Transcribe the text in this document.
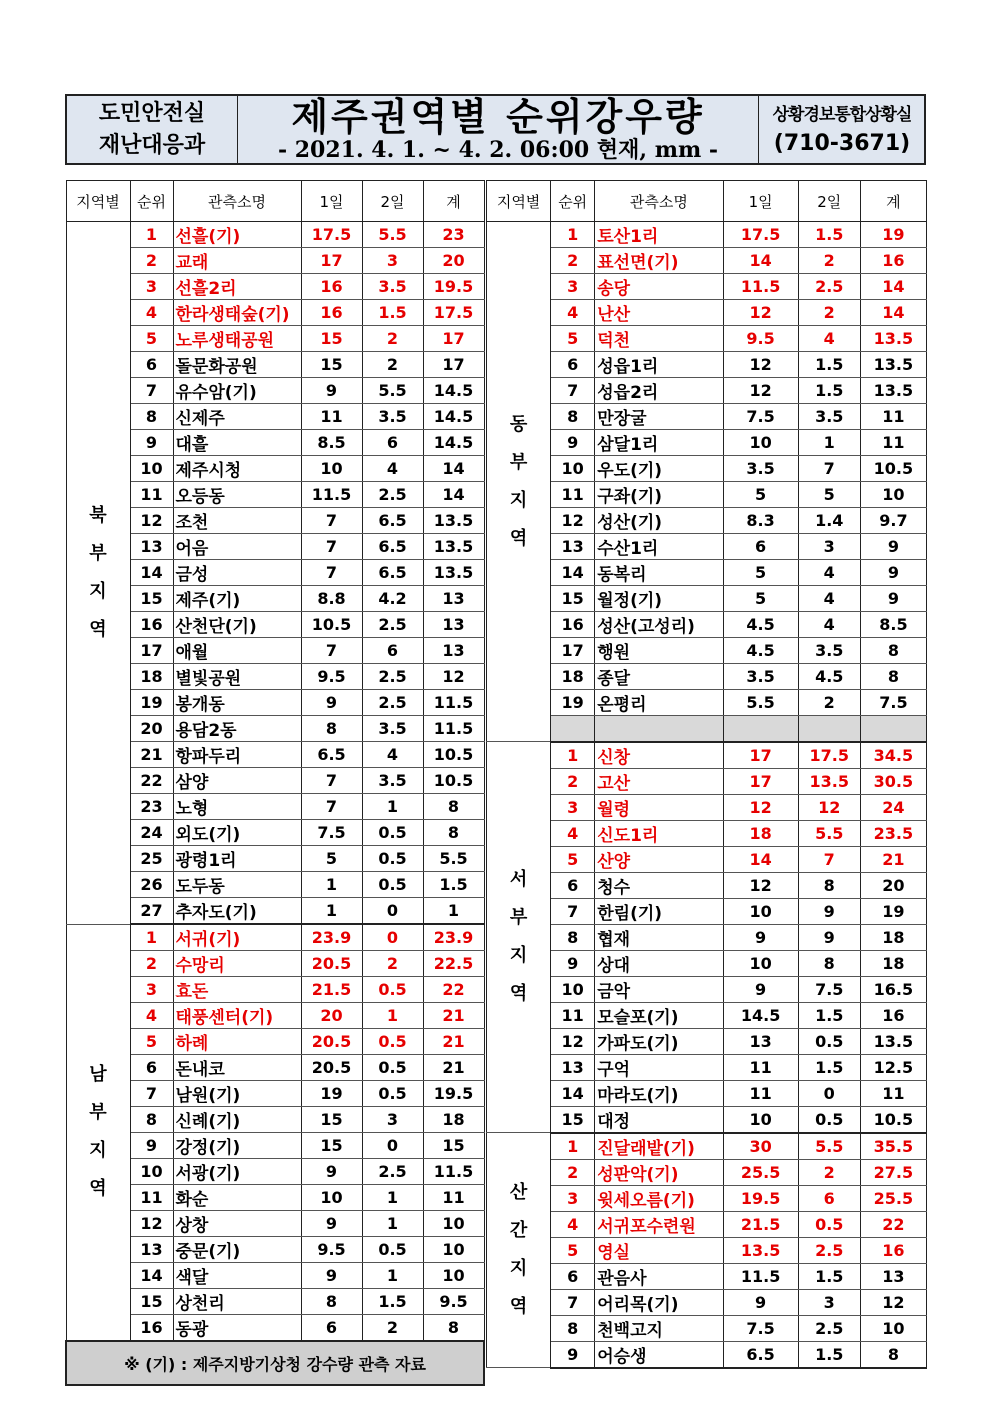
도민안전실
재난대응과
제주권역별 순위강우량
- 2021. 4. 1. ~ 4. 2. 06:00 현재, mm -
상황경보통합상황실
(710-3671)
지역별	순위	관측소명	1일	2일	계

북부지역	1	선흘(기)	17.5	5.5	23
	2	교래	17	3	20
	3	선흘2리	16	3.5	19.5
	4	한라생태숲(기)	16	1.5	17.5
	5	노루생태공원	15	2	17
	6	돌문화공원	15	2	17
	7	유수암(기)	9	5.5	14.5
	8	신제주	11	3.5	14.5
	9	대흘	8.5	6	14.5
	10	제주시청	10	4	14
	11	오등동	11.5	2.5	14
	12	조천	7	6.5	13.5
	13	어음	7	6.5	13.5
	14	금성	7	6.5	13.5
	15	제주(기)	8.8	4.2	13
	16	산천단(기)	10.5	2.5	13
	17	애월	7	6	13
	18	별빛공원	9.5	2.5	12
	19	봉개동	9	2.5	11.5
	20	용담2동	8	3.5	11.5
	21	항파두리	6.5	4	10.5
	22	삼양	7	3.5	10.5
	23	노형	7	1	8
	24	외도(기)	7.5	0.5	8
	25	광령1리	5	0.5	5.5
	26	도두동	1	0.5	1.5
	27	추자도(기)	1	0	1

남부지역	1	서귀(기)	23.9	0	23.9
	2	수망리	20.5	2	22.5
	3	효돈	21.5	0.5	22
	4	태풍센터(기)	20	1	21
	5	하례	20.5	0.5	21
	6	돈내코	20.5	0.5	21
	7	남원(기)	19	0.5	19.5
	8	신례(기)	15	3	18
	9	강정(기)	15	0	15
	10	서광(기)	9	2.5	11.5
	11	화순	10	1	11
	12	상창	9	1	10
	13	중문(기)	9.5	0.5	10
	14	색달	9	1	10
	15	상천리	8	1.5	9.5
	16	동광	6	2	8
※ (기) : 제주지방기상청 강수량 관측 자료					
지역별	순위	관측소명	1일	2일	계

동부지역	1	토산1리	17.5	1.5	19
	2	표선면(기)	14	2	16
	3	송당	11.5	2.5	14
	4	난산	12	2	14
	5	덕천	9.5	4	13.5
	6	성읍1리	12	1.5	13.5
	7	성읍2리	12	1.5	13.5
	8	만장굴	7.5	3.5	11
	9	삼달1리	10	1	11
	10	우도(기)	3.5	7	10.5
	11	구좌(기)	5	5	10
	12	성산(기)	8.3	1.4	9.7
	13	수산1리	6	3	9
	14	동복리	5	4	9
	15	월정(기)	5	4	9
	16	성산(고성리)	4.5	4	8.5
	17	행원	4.5	3.5	8
	18	종달	3.5	4.5	8
	19	온평리	5.5	2	7.5

서부지역	1	신창	17	17.5	34.5
	2	고산	17	13.5	30.5
	3	월령	12	12	24
	4	신도1리	18	5.5	23.5
	5	산양	14	7	21
	6	청수	12	8	20
	7	한림(기)	10	9	19
	8	협재	9	9	18
	9	상대	10	8	18
	10	금악	9	7.5	16.5
	11	모슬포(기)	14.5	1.5	16
	12	가파도(기)	13	0.5	13.5
	13	구억	11	1.5	12.5
	14	마라도(기)	11	0	11
	15	대정	10	0.5	10.5

산간지역	1	진달래밭(기)	30	5.5	35.5
	2	성판악(기)	25.5	2	27.5
	3	윗세오름(기)	19.5	6	25.5
	4	서귀포수련원	21.5	0.5	22
	5	영실	13.5	2.5	16
	6	관음사	11.5	1.5	13
	7	어리목(기)	9	3	12
	8	천백고지	7.5	2.5	10
	9	어승생	6.5	1.5	8
